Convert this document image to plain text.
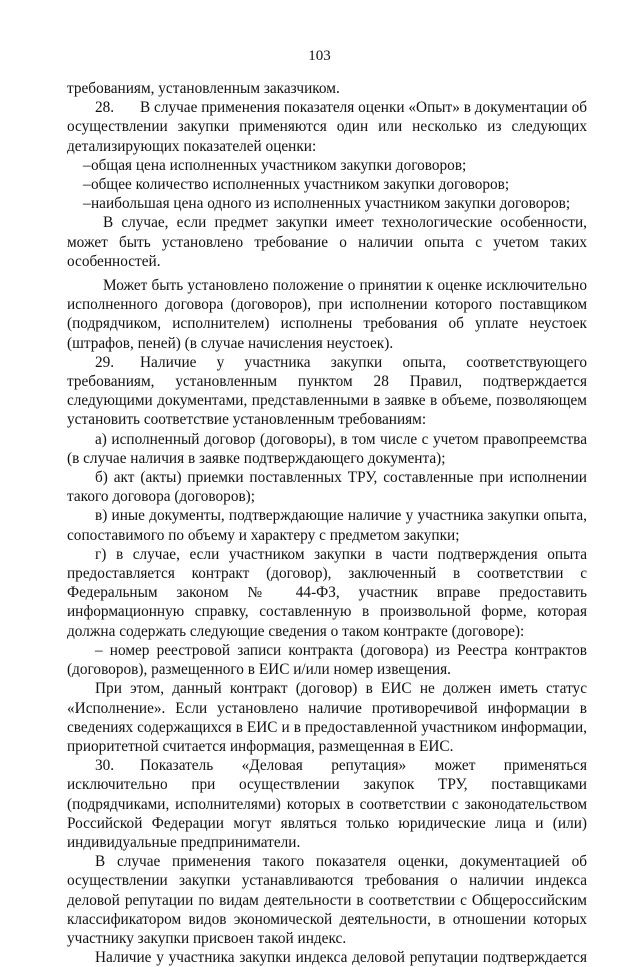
103

требованиям, установленным заказчиком.

28. В случае применения показателя оценки «Опыт» в документации об осуществлении закупки применяются один или несколько из следующих детализирующих показателей оценки:

– общая цена исполненных участником закупки договоров;

– общее количество исполненных участником закупки договоров;

– наибольшая цена одного из исполненных участником закупки договоров;

В случае, если предмет закупки имеет технологические особенности, может быть установлено требование о наличии опыта с учетом таких особенностей.

Может быть установлено положение о принятии к оценке исключительно исполненного договора (договоров), при исполнении которого поставщиком (подрядчиком, исполнителем) исполнены требования об уплате неустоек (штрафов, пеней) (в случае начисления неустоек).

29. Наличие у участника закупки опыта, соответствующего требованиям, установленным пунктом 28 Правил, подтверждается следующими документами, представленными в заявке в объеме, позволяющем установить соответствие установленным требованиям:

а) исполненный договор (договоры), в том числе с учетом правопреемства (в случае наличия в заявке подтверждающего документа);

б) акт (акты) приемки поставленных ТРУ, составленные при исполнении такого договора (договоров);

в) иные документы, подтверждающие наличие у участника закупки опыта, сопоставимого по объему и характеру с предметом закупки;

г) в случае, если участником закупки в части подтверждения опыта предоставляется контракт (договор), заключенный в соответствии с Федеральным законом № 44-ФЗ, участник вправе предоставить информационную справку, составленную в произвольной форме, которая должна содержать следующие сведения о таком контракте (договоре):

– номер реестровой записи контракта (договора) из Реестра контрактов (договоров), размещенного в ЕИС и/или номер извещения.

При этом, данный контракт (договор) в ЕИС не должен иметь статус «Исполнение». Если установлено наличие противоречивой информации в сведениях содержащихся в ЕИС и в предоставленной участником информации, приоритетной считается информация, размещенная в ЕИС.

30. Показатель «Деловая репутация» может применяться исключительно при осуществлении закупок ТРУ, поставщиками (подрядчиками, исполнителями) которых в соответствии с законодательством Российской Федерации могут являться только юридические лица и (или) индивидуальные предприниматели.

В случае применения такого показателя оценки, документацией об осуществлении закупки устанавливаются требования о наличии индекса деловой репутации по видам деятельности в соответствии с Общероссийским классификатором видов экономической деятельности, в отношении которых участнику закупки присвоен такой индекс.

Наличие у участника закупки индекса деловой репутации подтверждается
